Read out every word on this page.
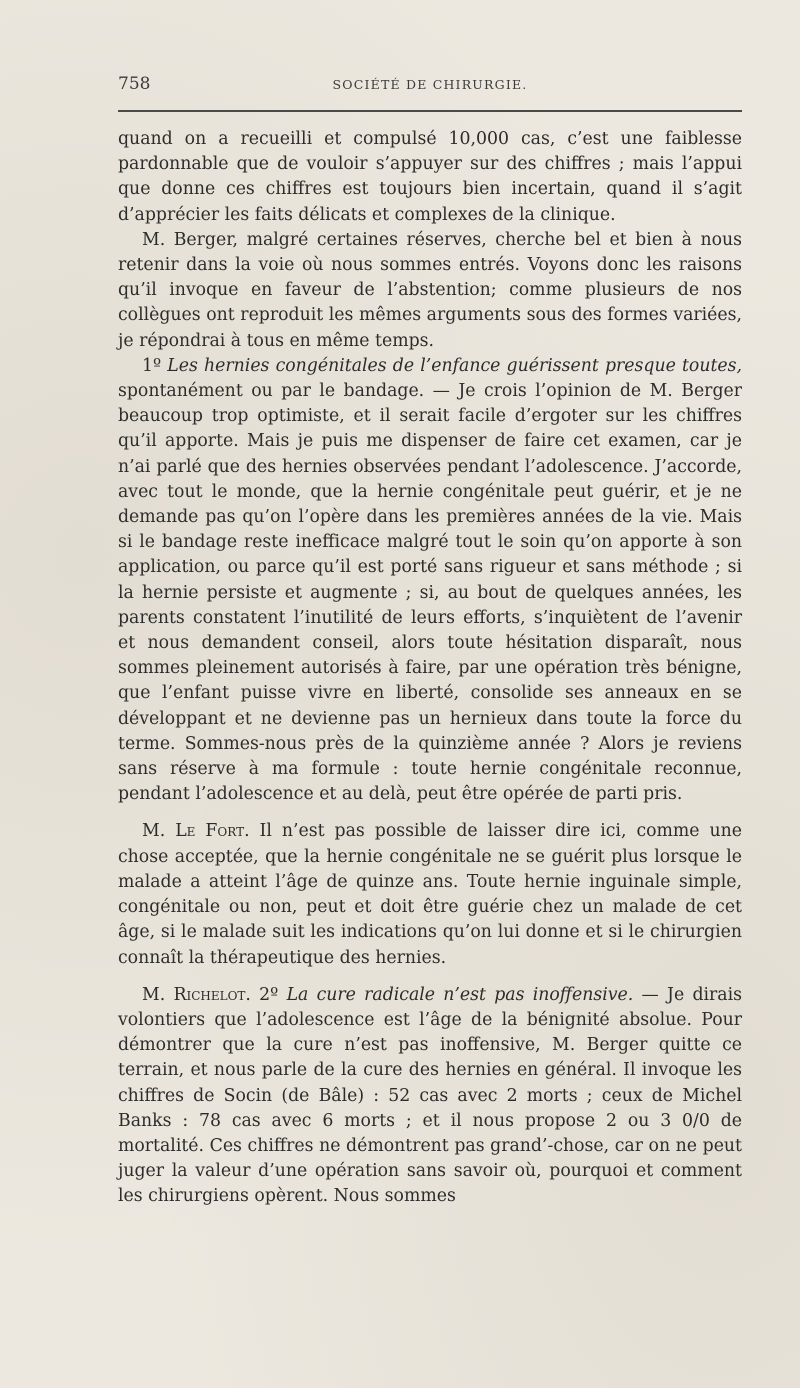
758	SOCIÉTÉ DE CHIRURGIE.

quand on a recueilli et compulsé 10,000 cas, c’est une faiblesse pardonnable que de vouloir s’appuyer sur des chiffres ; mais l’appui que donne ces chiffres est toujours bien incertain, quand il s’agit d’apprécier les faits délicats et complexes de la clinique.

M. Berger, malgré certaines réserves, cherche bel et bien à nous retenir dans la voie où nous sommes entrés. Voyons donc les raisons qu’il invoque en faveur de l’abstention; comme plusieurs de nos collègues ont reproduit les mêmes arguments sous des formes variées, je répondrai à tous en même temps.

1º Les hernies congénitales de l’enfance guérissent presque toutes, spontanément ou par le bandage. — Je crois l’opinion de M. Berger beaucoup trop optimiste, et il serait facile d’ergoter sur les chiffres qu’il apporte. Mais je puis me dispenser de faire cet examen, car je n’ai parlé que des hernies observées pendant l’adolescence. J’accorde, avec tout le monde, que la hernie congénitale peut guérir, et je ne demande pas qu’on l’opère dans les premières années de la vie. Mais si le bandage reste inefficace malgré tout le soin qu’on apporte à son application, ou parce qu’il est porté sans rigueur et sans méthode ; si la hernie persiste et augmente ; si, au bout de quelques années, les parents constatent l’inutilité de leurs efforts, s’inquiètent de l’avenir et nous demandent conseil, alors toute hésitation disparaît, nous sommes pleinement autorisés à faire, par une opération très bénigne, que l’enfant puisse vivre en liberté, consolide ses anneaux en se développant et ne devienne pas un hernieux dans toute la force du terme. Sommes-nous près de la quinzième année ? Alors je reviens sans réserve à ma formule : toute hernie congénitale reconnue, pendant l’adolescence et au delà, peut être opérée de parti pris.

M. Le Fort. Il n’est pas possible de laisser dire ici, comme une chose acceptée, que la hernie congénitale ne se guérit plus lorsque le malade a atteint l’âge de quinze ans. Toute hernie inguinale simple, congénitale ou non, peut et doit être guérie chez un malade de cet âge, si le malade suit les indications qu’on lui donne et si le chirurgien connaît la thérapeutique des hernies.

M. Richelot. 2º La cure radicale n’est pas inoffensive. — Je dirais volontiers que l’adolescence est l’âge de la bénignité absolue. Pour démontrer que la cure n’est pas inoffensive, M. Berger quitte ce terrain, et nous parle de la cure des hernies en général. Il invoque les chiffres de Socin (de Bâle) : 52 cas avec 2 morts ; ceux de Michel Banks : 78 cas avec 6 morts ; et il nous propose 2 ou 3 0/0 de mortalité. Ces chiffres ne démontrent pas grand’-chose, car on ne peut juger la valeur d’une opération sans savoir où, pourquoi et comment les chirurgiens opèrent. Nous sommes
